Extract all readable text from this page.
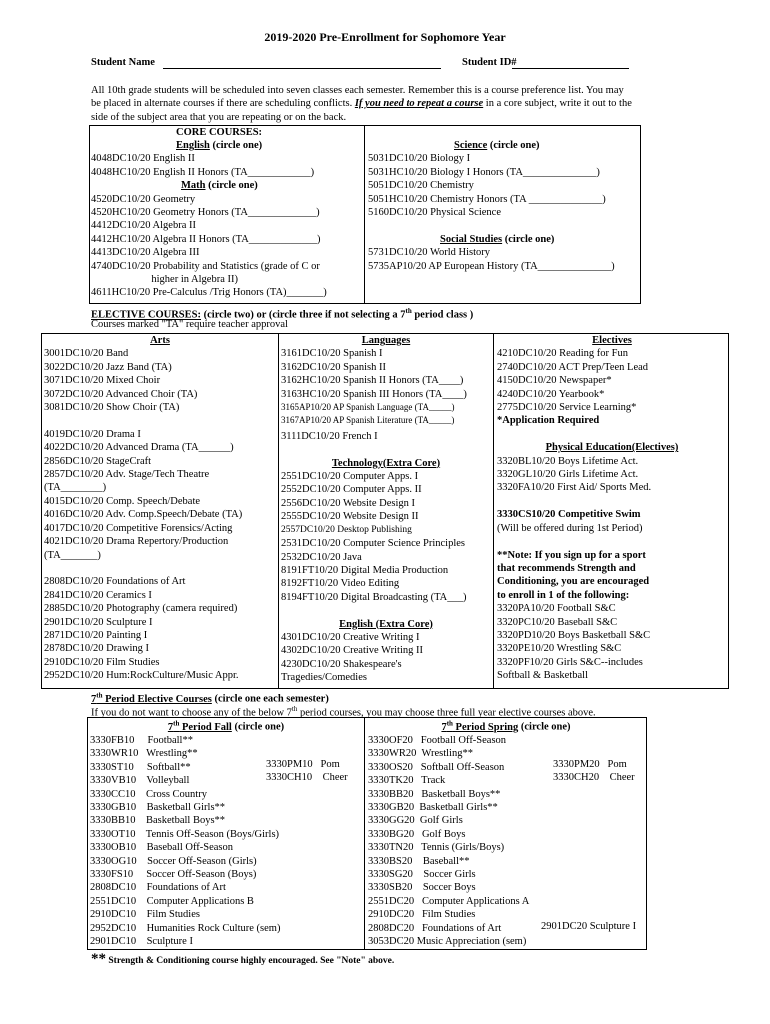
2019-2020 Pre-Enrollment for Sophomore Year
Student Name	Student ID#
All 10th grade students will be scheduled into seven classes each semester. Remember this is a course preference list. You may
be placed in alternate courses if there are scheduling conflicts. If you need to repeat a course in a core subject, write it out to the
side of the subject area that you are repeating or on the back.
CORE COURSES:
English (circle one)
4048DC10/20 English II
4048HC10/20 English II Honors (TA____________)
Math (circle one)
4520DC10/20 Geometry
4520HC10/20 Geometry Honors (TA_____________)
4412DC10/20 Algebra II
4412HC10/20 Algebra II Honors (TA_____________)
4413DC10/20 Algebra III
4740DC10/20 Probability and Statistics (grade of C or
higher in Algebra II)
4611HC10/20 Pre-Calculus /Trig Honors (TA)_______)
Science (circle one)
5031DC10/20 Biology I
5031HC10/20 Biology I Honors (TA______________)
5051DC10/20 Chemistry
5051HC10/20 Chemistry Honors (TA ______________)
5160DC10/20 Physical Science

Social Studies (circle one)
5731DC10/20 World History
5735AP10/20 AP European History (TA______________)
ELECTIVE COURSES: (circle two) or (circle three if not selecting a 7th period class )
Courses marked "TA" require teacher approval
Arts
3001DC10/20 Band
3022DC10/20 Jazz Band (TA)
3071DC10/20 Mixed Choir
3072DC10/20 Advanced Choir (TA)
3081DC10/20 Show Choir (TA)

4019DC10/20 Drama I
4022DC10/20 Advanced Drama (TA______)
2856DC10/20 StageCraft
2857DC10/20 Adv. Stage/Tech Theatre
(TA________)
4015DC10/20 Comp. Speech/Debate
4016DC10/20 Adv. Comp.Speech/Debate (TA)
4017DC10/20 Competitive Forensics/Acting
4021DC10/20 Drama Repertory/Production
(TA_______)

2808DC10/20 Foundations of Art
2841DC10/20 Ceramics I
2885DC10/20 Photography (camera required)
2901DC10/20 Sculpture I
2871DC10/20 Painting I
2878DC10/20 Drawing I
2910DC10/20 Film Studies
2952DC10/20 Hum:RockCulture/Music Appr.
Languages
3161DC10/20 Spanish I
3162DC10/20 Spanish II
3162HC10/20 Spanish II Honors (TA____)
3163HC10/20 Spanish III Honors (TA____)
3165AP10/20 AP Spanish Language (TA_____)
3167AP10/20 AP Spanish Literature (TA_____)
3111DC10/20 French I

Technology(Extra Core)
2551DC10/20 Computer Apps. I
2552DC10/20 Computer Apps. II
2556DC10/20 Website Design I
2555DC10/20 Website Design II
2557DC10/20 Desktop Publishing
2531DC10/20 Computer Science Principles
2532DC10/20 Java
8191FT10/20 Digital Media Production
8192FT10/20 Video Editing
8194FT10/20 Digital Broadcasting (TA___)

English (Extra Core)
4301DC10/20 Creative Writing I
4302DC10/20 Creative Writing II
4230DC10/20 Shakespeare's
Tragedies/Comedies
Electives
4210DC10/20 Reading for Fun
2740DC10/20 ACT Prep/Teen Lead
4150DC10/20 Newspaper*
4240DC10/20 Yearbook*
2775DC10/20 Service Learning*
*Application Required

Physical Education(Electives)
3320BL10/20 Boys Lifetime Act.
3320GL10/20 Girls Lifetime Act.
3320FA10/20 First Aid/ Sports Med.

3330CS10/20 Competitive Swim
(Will be offered during 1st Period)

**Note: If you sign up for a sport
that recommends Strength and
Conditioning, you are encouraged
to enroll in 1 of the following:
3320PA10/20 Football S&C
3320PC10/20 Baseball S&C
3320PD10/20 Boys Basketball S&C
3320PE10/20 Wrestling S&C
3320PF10/20 Girls S&C--includes
Softball & Basketball
7th Period Elective Courses (circle one each semester)
If you do not want to choose any of the below 7th period courses, you may choose three full year elective courses above.
7th Period Fall (circle one)
3330FB10     Football**
3330WR10   Wrestling**
3330ST10     Softball**
3330VB10    Volleyball
3330CC10    Cross Country
3330GB10    Basketball Girls**
3330BB10    Basketball Boys**
3330OT10    Tennis Off-Season (Boys/Girls)
3330OB10    Baseball Off-Season
3330OG10    Soccer Off-Season (Girls)
3330FS10     Soccer Off-Season (Boys)
2808DC10    Foundations of Art
2551DC10    Computer Applications B
2910DC10    Film Studies
2952DC10    Humanities Rock Culture (sem)
2901DC10    Sculpture I
3330PM10   Pom
3330CH10    Cheer
7th Period Spring (circle one)
3330OF20   Football Off-Season
3330WR20  Wrestling**
3330OS20   Softball Off-Season
3330TK20   Track
3330BB20   Basketball Boys**
3330GB20  Basketball Girls**
3330GG20  Golf Girls
3330BG20   Golf Boys
3330TN20   Tennis (Girls/Boys)
3330BS20    Baseball**
3330SG20    Soccer Girls
3330SB20    Soccer Boys
2551DC20   Computer Applications A
2910DC20   Film Studies
2808DC20   Foundations of Art
3053DC20 Music Appreciation (sem)
3330PM20   Pom
3330CH20    Cheer
2901DC20 Sculpture I
** Strength & Conditioning course highly encouraged. See "Note" above.
